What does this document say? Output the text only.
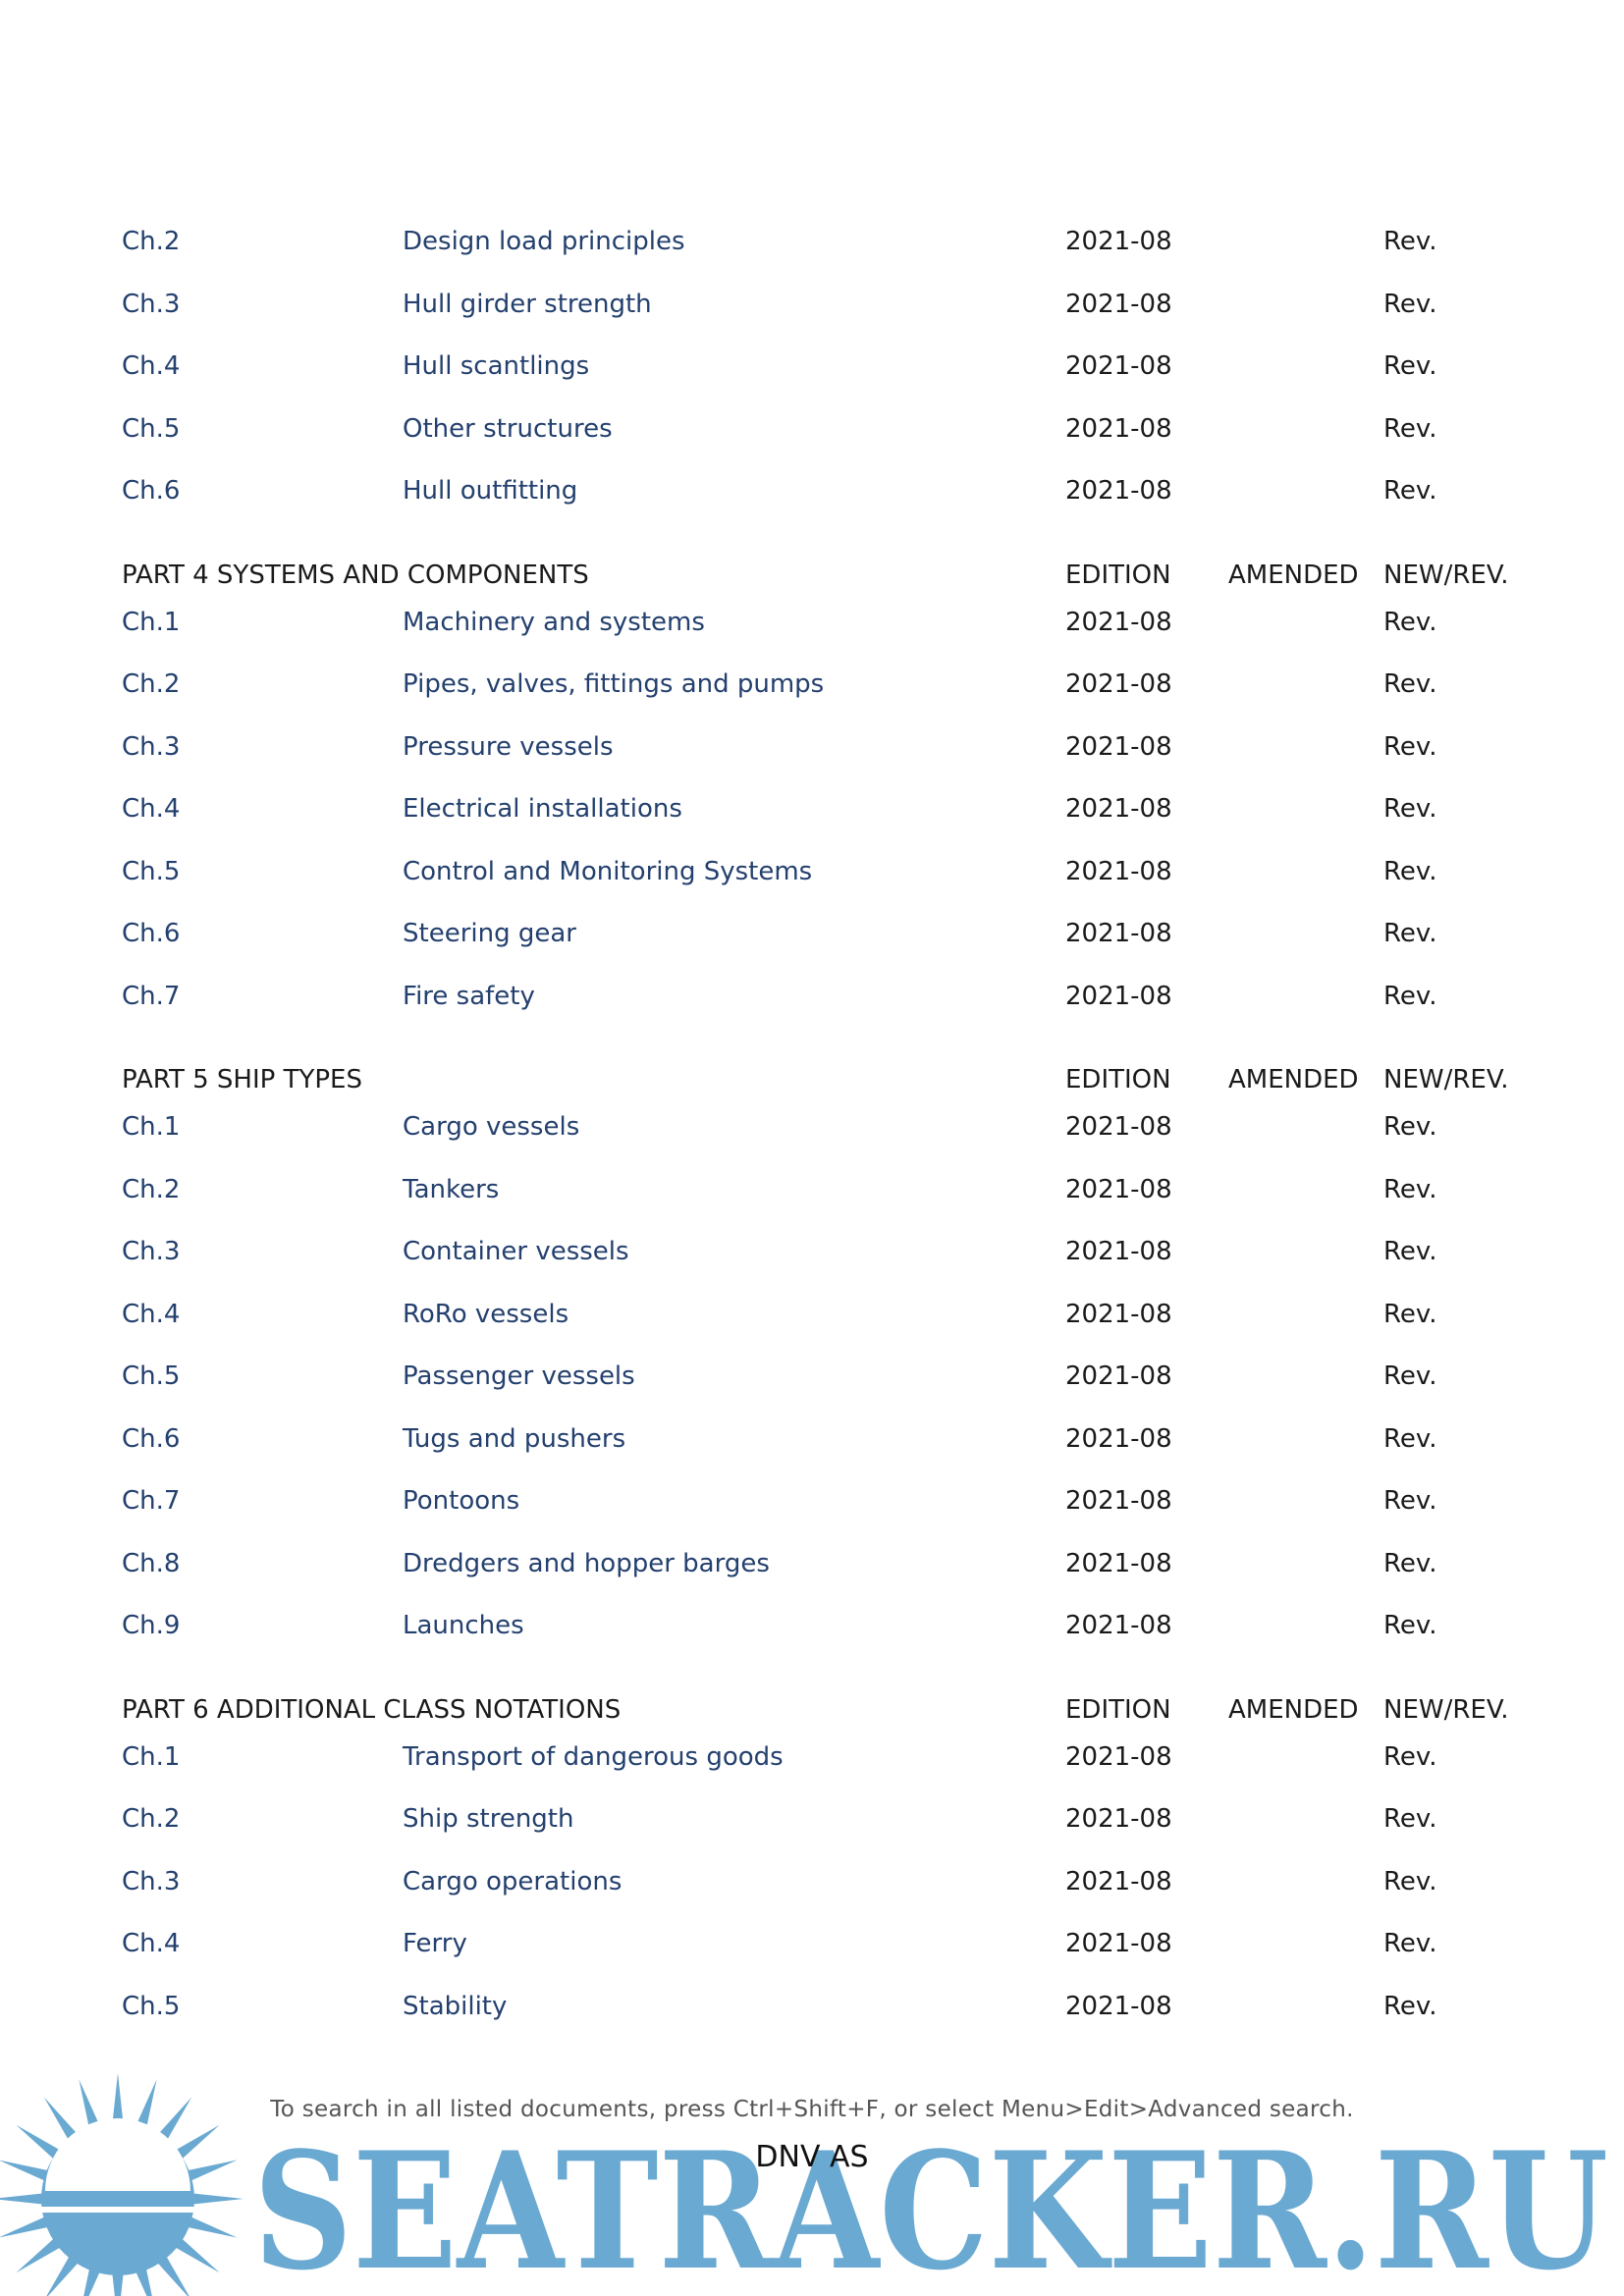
Ch.2	Design load principles	2021-08	Rev.
Ch.3	Hull girder strength	2021-08	Rev.
Ch.4	Hull scantlings	2021-08	Rev.
Ch.5	Other structures	2021-08	Rev.
Ch.6	Hull outfitting	2021-08	Rev.
PART 4 SYSTEMS AND COMPONENTS	EDITION AMENDED NEW/REV.
Ch.1	Machinery and systems	2021-08	Rev.
Ch.2	Pipes, valves, fittings and pumps	2021-08	Rev.
Ch.3	Pressure vessels	2021-08	Rev.
Ch.4	Electrical installations	2021-08	Rev.
Ch.5	Control and Monitoring Systems	2021-08	Rev.
Ch.6	Steering gear	2021-08	Rev.
Ch.7	Fire safety	2021-08	Rev.
PART 5 SHIP TYPES	EDITION AMENDED NEW/REV.
Ch.1	Cargo vessels	2021-08	Rev.
Ch.2	Tankers	2021-08	Rev.
Ch.3	Container vessels	2021-08	Rev.
Ch.4	RoRo vessels	2021-08	Rev.
Ch.5	Passenger vessels	2021-08	Rev.
Ch.6	Tugs and pushers	2021-08	Rev.
Ch.7	Pontoons	2021-08	Rev.
Ch.8	Dredgers and hopper barges	2021-08	Rev.
Ch.9	Launches	2021-08	Rev.
PART 6 ADDITIONAL CLASS NOTATIONS	EDITION AMENDED NEW/REV.
Ch.1	Transport of dangerous goods	2021-08	Rev.
Ch.2	Ship strength	2021-08	Rev.
Ch.3	Cargo operations	2021-08	Rev.
Ch.4	Ferry	2021-08	Rev.
Ch.5	Stability	2021-08	Rev.
To search in all listed documents, press Ctrl+Shift+F, or select Menu>Edit>Advanced search.
SEATRACKER.RU
DNV AS
